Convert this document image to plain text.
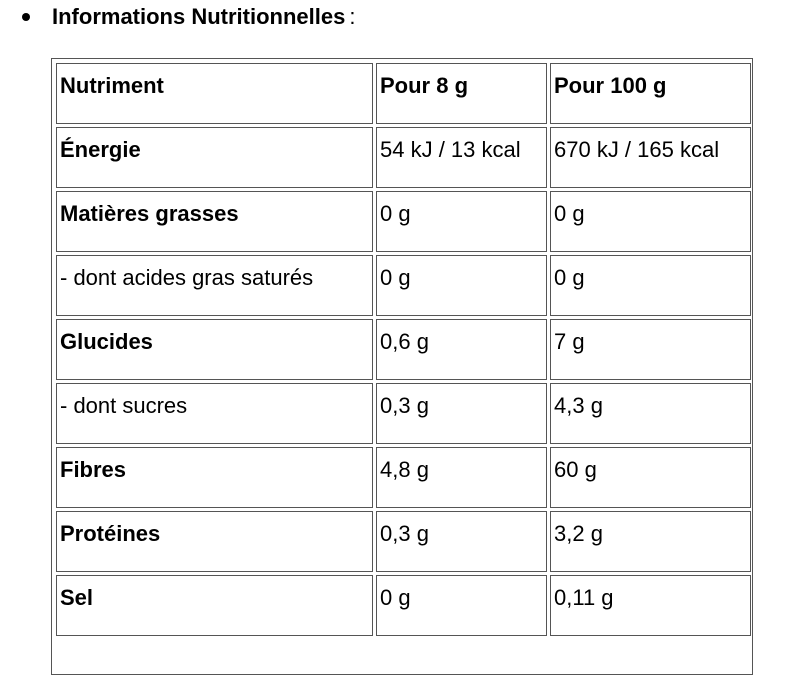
Informations Nutritionnelles :
Nutriment	Pour 8 g	Pour 100 g

Énergie	54 kJ / 13 kcal	670 kJ / 165 kcal

Matières grasses	0 g	0 g

- dont acides gras saturés	0 g	0 g

Glucides	0,6 g	7 g

- dont sucres	0,3 g	4,3 g

Fibres	4,8 g	60 g

Protéines	0,3 g	3,2 g

Sel	0 g	0,11 g
